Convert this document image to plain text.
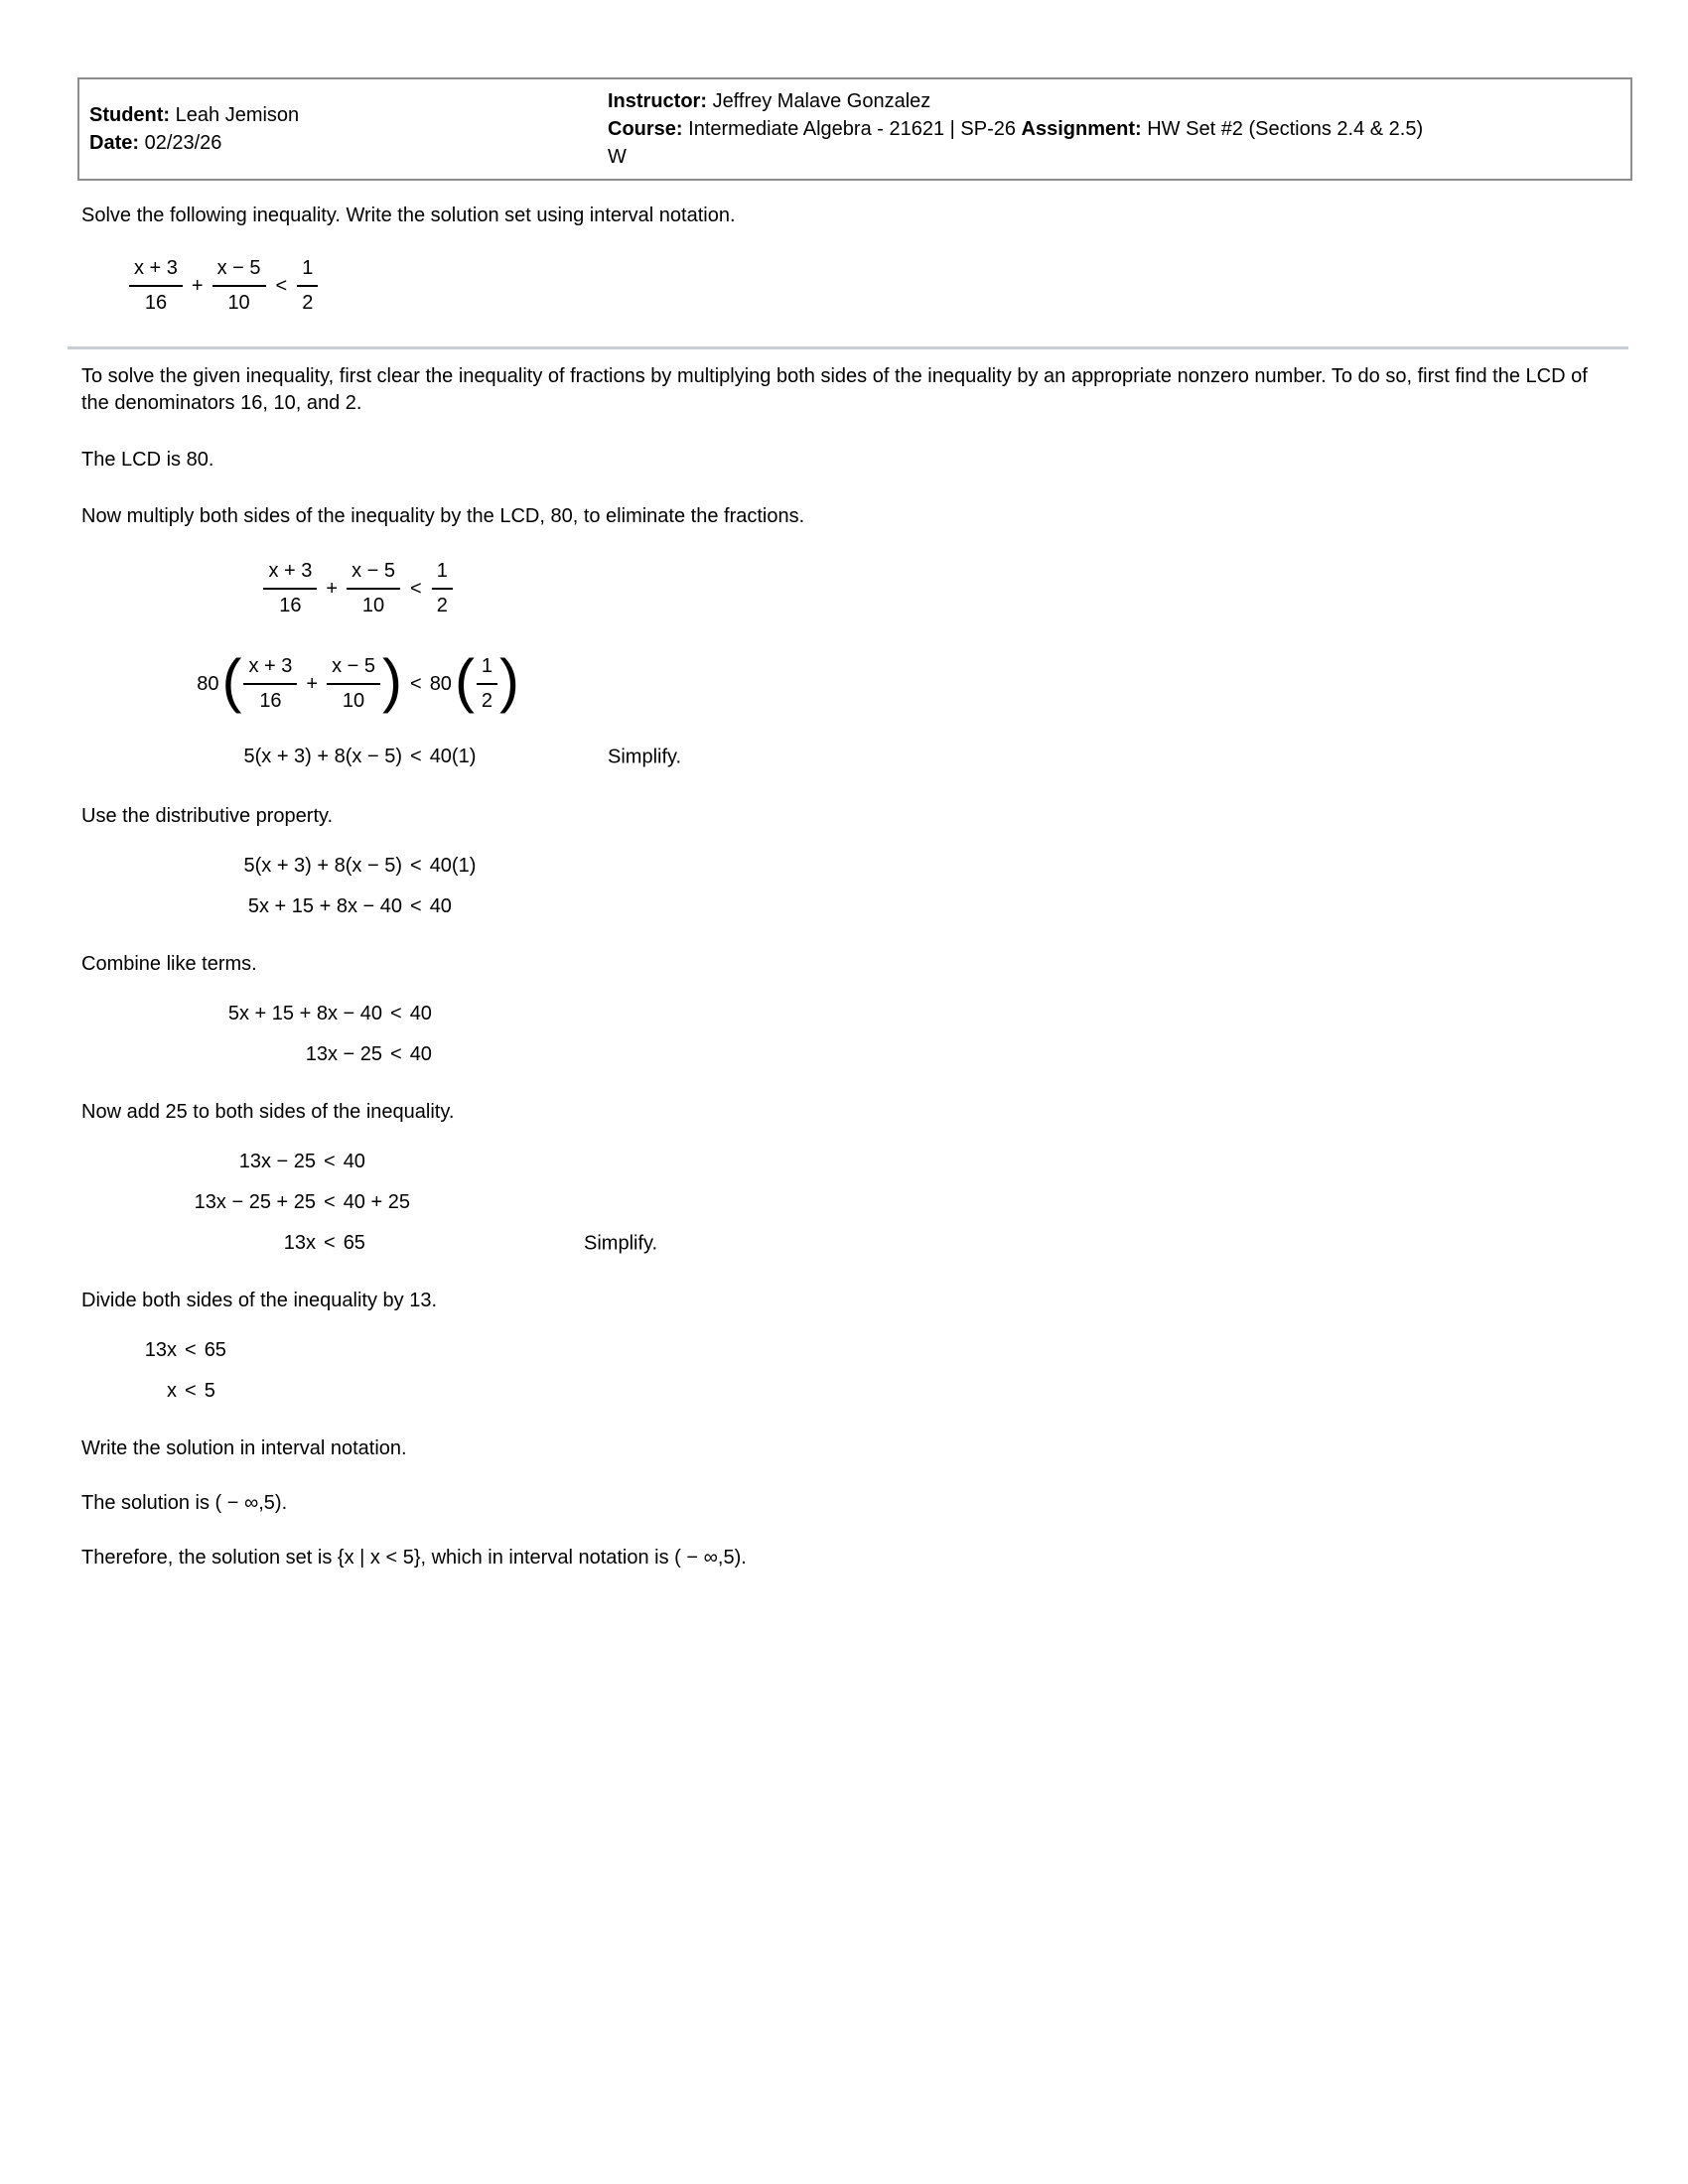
Student: Leah Jemison
Date: 02/23/26
Instructor: Jeffrey Malave Gonzalez
Course: Intermediate Algebra - 21621 | SP-26 Assignment: HW Set #2 (Sections 2.4 & 2.5)
W
Solve the following inequality. Write the solution set using interval notation.
$\frac{x + 3}{16} + \frac{x - 5}{10} < \frac{1}{2}$
To solve the given inequality, first clear the inequality of fractions by multiplying both sides of the inequality by an appropriate nonzero number. To do so, first find the LCD of the denominators 16, 10, and 2.
The LCD is 80.
Now multiply both sides of the inequality by the LCD, 80, to eliminate the fractions.
$\frac{x + 3}{16} + \frac{x - 5}{10} < \frac{1}{2}$
80 ( $\frac{x + 3}{16} + \frac{x - 5}{10}$ ) < 80 ( $\frac{1}{2}$ )
5(x + 3) + 8(x − 5) < 40(1)	Simplify.
Use the distributive property.
5(x + 3) + 8(x − 5) < 40(1)
5x + 15 + 8x − 40 < 40
Combine like terms.
5x + 15 + 8x − 40 < 40
13x − 25 < 40
Now add 25 to both sides of the inequality.
13x − 25 < 40
13x − 25 + 25 < 40 + 25
13x < 65	Simplify.
Divide both sides of the inequality by 13.
13x < 65
x < 5
Write the solution in interval notation.
The solution is ( − ∞,5).
Therefore, the solution set is {x | x < 5}, which in interval notation is ( − ∞,5).
